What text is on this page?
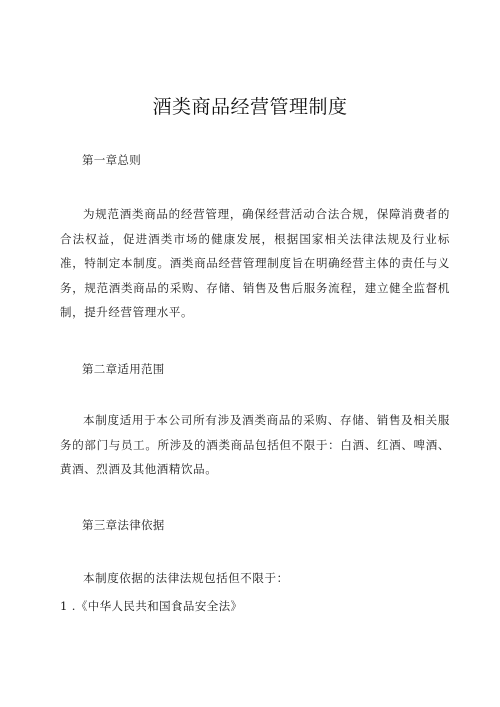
酒类商品经营管理制度
第一章总则
为规范酒类商品的经营管理，确保经营活动合法合规，保障消费者的合法权益，促进酒类市场的健康发展，根据国家相关法律法规及行业标准，特制定本制度。酒类商品经营管理制度旨在明确经营主体的责任与义务，规范酒类商品的采购、存储、销售及售后服务流程，建立健全监督机制，提升经营管理水平。
第二章适用范围
本制度适用于本公司所有涉及酒类商品的采购、存储、销售及相关服务的部门与员工。所涉及的酒类商品包括但不限于：白酒、红酒、啤酒、黄酒、烈酒及其他酒精饮品。
第三章法律依据
本制度依据的法律法规包括但不限于：
1 .《中华人民共和国食品安全法》
